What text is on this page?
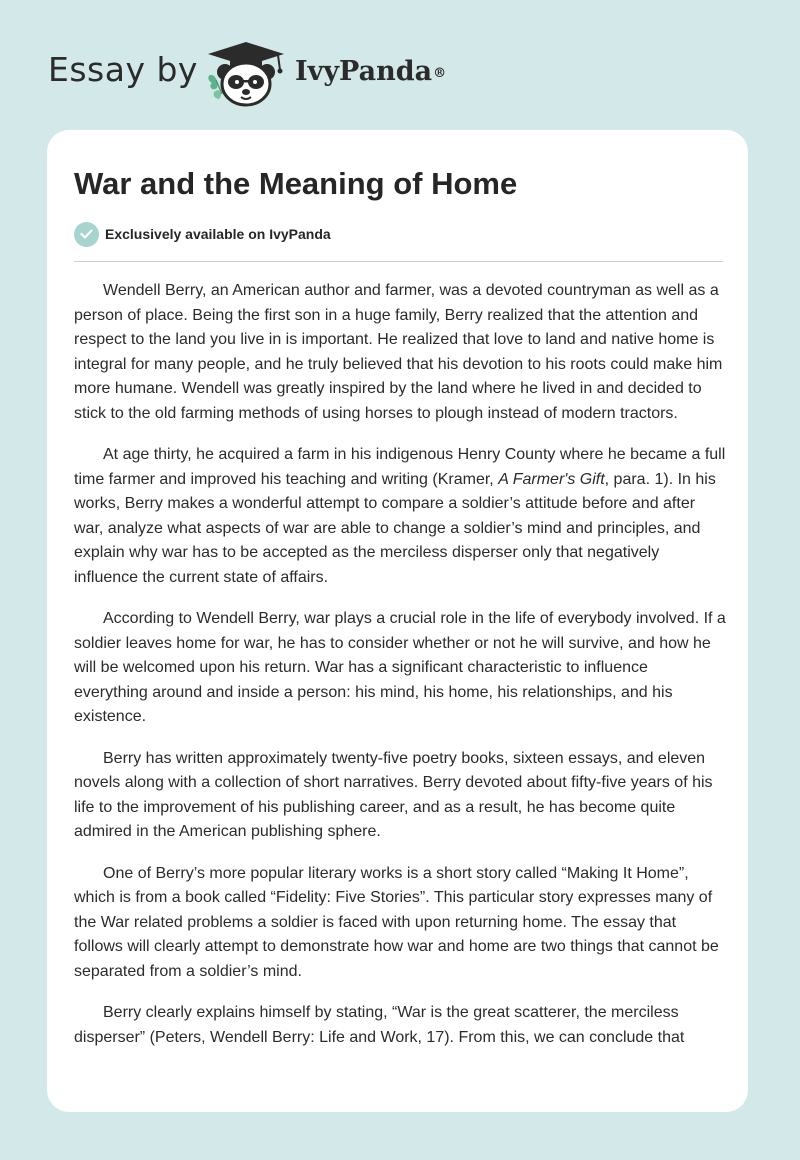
Essay by	IvyPanda®
War and the Meaning of Home
Exclusively available on IvyPanda

Wendell Berry, an American author and farmer, was a devoted countryman as well as a person of place. Being the first son in a huge family, Berry realized that the attention and respect to the land you live in is important. He realized that love to land and native home is integral for many people, and he truly believed that his devotion to his roots could make him more humane. Wendell was greatly inspired by the land where he lived in and decided to stick to the old farming methods of using horses to plough instead of modern tractors.

At age thirty, he acquired a farm in his indigenous Henry County where he became a full time farmer and improved his teaching and writing (Kramer, A Farmer's Gift, para. 1). In his works, Berry makes a wonderful attempt to compare a soldier’s attitude before and after war, analyze what aspects of war are able to change a soldier’s mind and principles, and explain why war has to be accepted as the merciless disperser only that negatively influence the current state of affairs.

According to Wendell Berry, war plays a crucial role in the life of everybody involved. If a soldier leaves home for war, he has to consider whether or not he will survive, and how he will be welcomed upon his return. War has a significant characteristic to influence everything around and inside a person: his mind, his home, his relationships, and his existence.

Berry has written approximately twenty-five poetry books, sixteen essays, and eleven novels along with a collection of short narratives. Berry devoted about fifty-five years of his life to the improvement of his publishing career, and as a result, he has become quite admired in the American publishing sphere.

One of Berry’s more popular literary works is a short story called “Making It Home”, which is from a book called “Fidelity: Five Stories”. This particular story expresses many of the War related problems a soldier is faced with upon returning home. The essay that follows will clearly attempt to demonstrate how war and home are two things that cannot be separated from a soldier’s mind.

Berry clearly explains himself by stating, “War is the great scatterer, the merciless disperser” (Peters, Wendell Berry: Life and Work, 17). From this, we can conclude that
